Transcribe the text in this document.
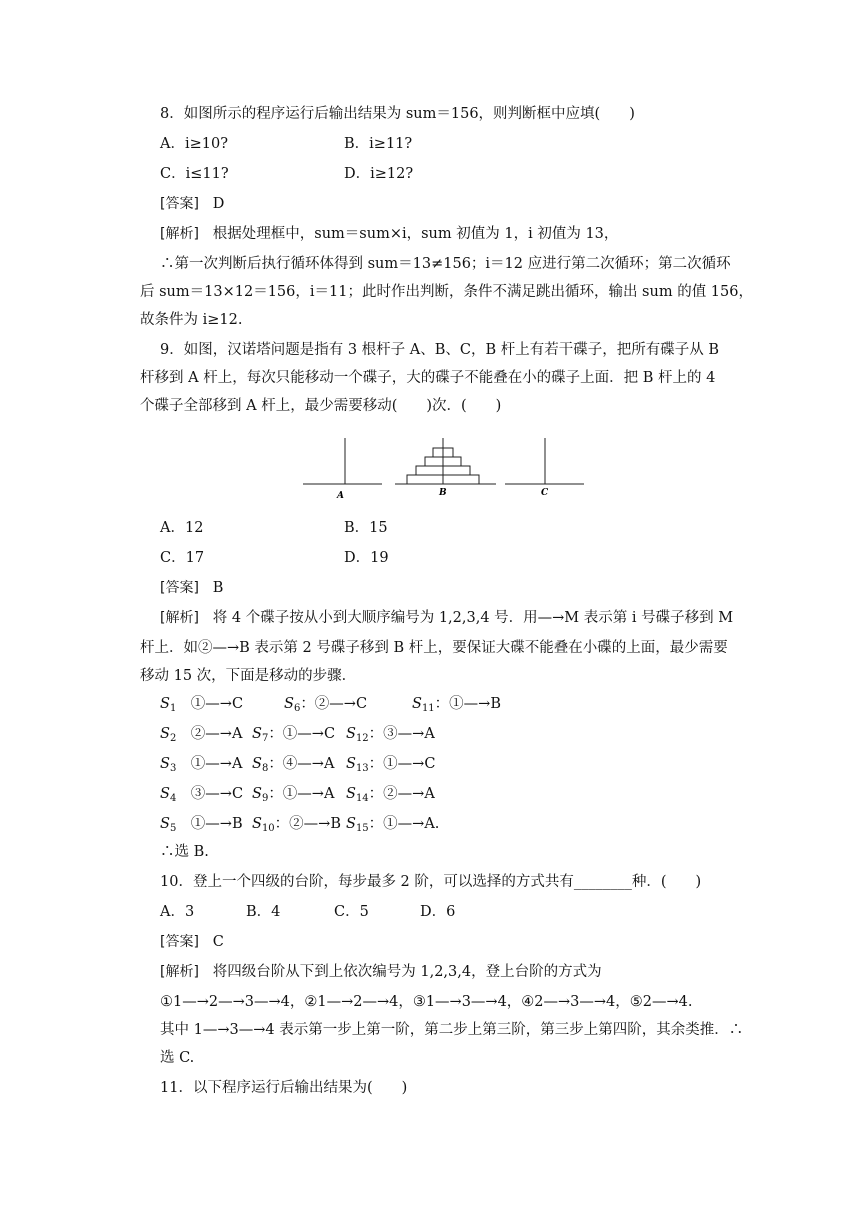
8．如图所示的程序运行后输出结果为 sum＝156，则判断框中应填(　　)
A．i≥10?	B．i≥11?
C．i≤11?	D．i≥12?
[答案] D
[解析] 根据处理框中，sum＝sum×i，sum 初值为 1，i 初值为 13，
∴第一次判断后执行循环体得到 sum＝13≠156；i＝12 应进行第二次循环；第二次循环
后 sum＝13×12＝156，i＝11；此时作出判断，条件不满足跳出循环，输出 sum 的值 156，
故条件为 i≥12.
9．如图，汉诺塔问题是指有 3 根杆子 A、B、C，B 杆上有若干碟子，把所有碟子从 B
杆移到 A 杆上，每次只能移动一个碟子，大的碟子不能叠在小的碟子上面．把 B 杆上的 4
个碟子全部移到 A 杆上，最少需要移动(　　)次．(　　)
A	B	C
A．12	B．15
C．17	D．19
[答案] B
[解析] 将 4 个碟子按从小到大顺序编号为 1,2,3,4 号．用—→M 表示第 i 号碟子移到 M
杆上．如②—→B 表示第 2 号碟子移到 B 杆上，要保证大碟不能叠在小碟的上面，最少需要
移动 15 次，下面是移动的步骤．
$S_1$　①—→C	$S_6$：②—→C	$S_{11}$：①—→B
$S_2$　②—→A $S_7$：①—→C $S_{12}$：③—→A
$S_3$　①—→A $S_8$：④—→A $S_{13}$：①—→C
$S_4$　③—→C $S_9$：①—→A $S_{14}$：②—→A
$S_5$　①—→B $S_{10}$：②—→B $S_{15}$：①—→A.
∴选 B.
10．登上一个四级的台阶，每步最多 2 阶，可以选择的方式共有________种．(　　)
A．3	B．4	C．5	D．6
[答案] C
[解析] 将四级台阶从下到上依次编号为 1,2,3,4，登上台阶的方式为
①1—→2—→3—→4，②1—→2—→4，③1—→3—→4，④2—→3—→4，⑤2—→4.
其中 1—→3—→4 表示第一步上第一阶，第二步上第三阶，第三步上第四阶，其余类推．∴
选 C.
11．以下程序运行后输出结果为(　　)
